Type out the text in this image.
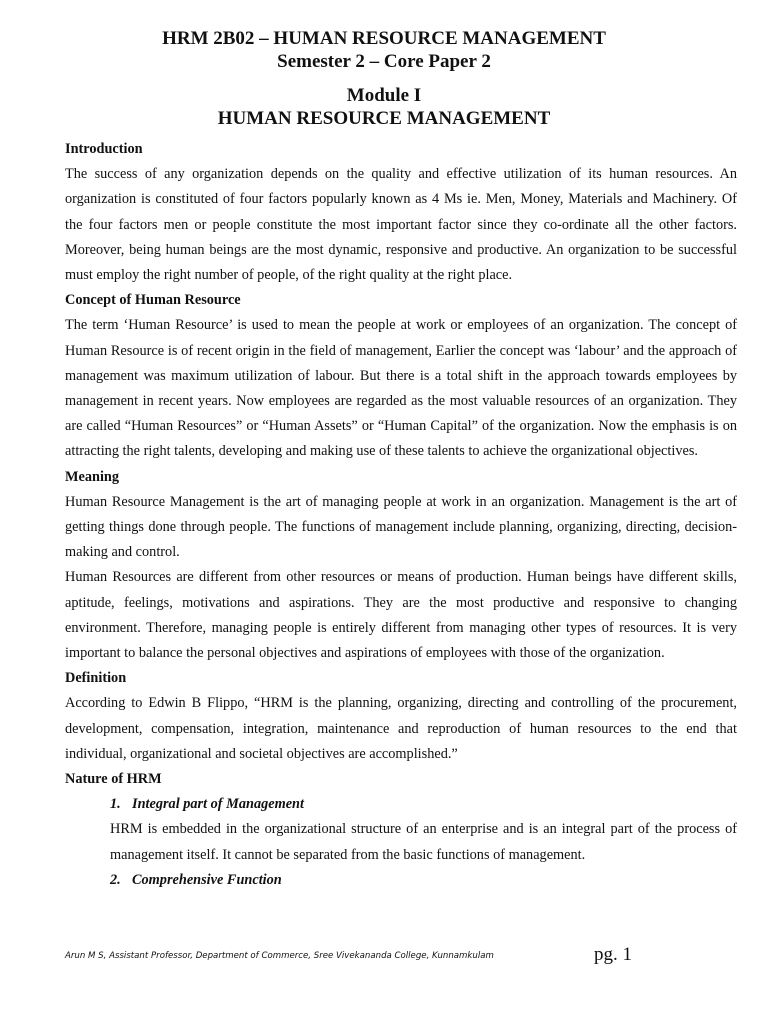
HRM 2B02 – HUMAN RESOURCE MANAGEMENT
Semester 2 – Core Paper 2
Module I
HUMAN RESOURCE MANAGEMENT
Introduction

The success of any organization depends on the quality and effective utilization of its human resources. An organization is constituted of four factors popularly known as 4 Ms ie. Men, Money, Materials and Machinery. Of the four factors men or people constitute the most important factor since they co-ordinate all the other factors. Moreover, being human beings are the most dynamic, responsive and productive. An organization to be successful must employ the right number of people, of the right quality at the right place.

Concept of Human Resource

The term ‘Human Resource’ is used to mean the people at work or employees of an organization. The concept of Human Resource is of recent origin in the field of management, Earlier the concept was ‘labour’ and the approach of management was maximum utilization of labour. But there is a total shift in the approach towards employees by management in recent years. Now employees are regarded as the most valuable resources of an organization. They are called “Human Resources” or “Human Assets” or “Human Capital” of the organization. Now the emphasis is on attracting the right talents, developing and making use of these talents to achieve the organizational objectives.

Meaning

Human Resource Management is the art of managing people at work in an organization. Management is the art of getting things done through people. The functions of management include planning, organizing, directing, decision-making and control.

Human Resources are different from other resources or means of production. Human beings have different skills, aptitude, feelings, motivations and aspirations. They are the most productive and responsive to changing environment. Therefore, managing people is entirely different from managing other types of resources. It is very important to balance the personal objectives and aspirations of employees with those of the organization.

Definition

According to Edwin B Flippo, “HRM is the planning, organizing, directing and controlling of the procurement, development, compensation, integration, maintenance and reproduction of human resources to the end that individual, organizational and societal objectives are accomplished.”

Nature of HRM
1. Integral part of Management
HRM is embedded in the organizational structure of an enterprise and is an integral part of the process of management itself. It cannot be separated from the basic functions of management.
2. Comprehensive Function
Arun M S, Assistant Professor, Department of Commerce, Sree Vivekananda College, Kunnamkulam	pg. 1
